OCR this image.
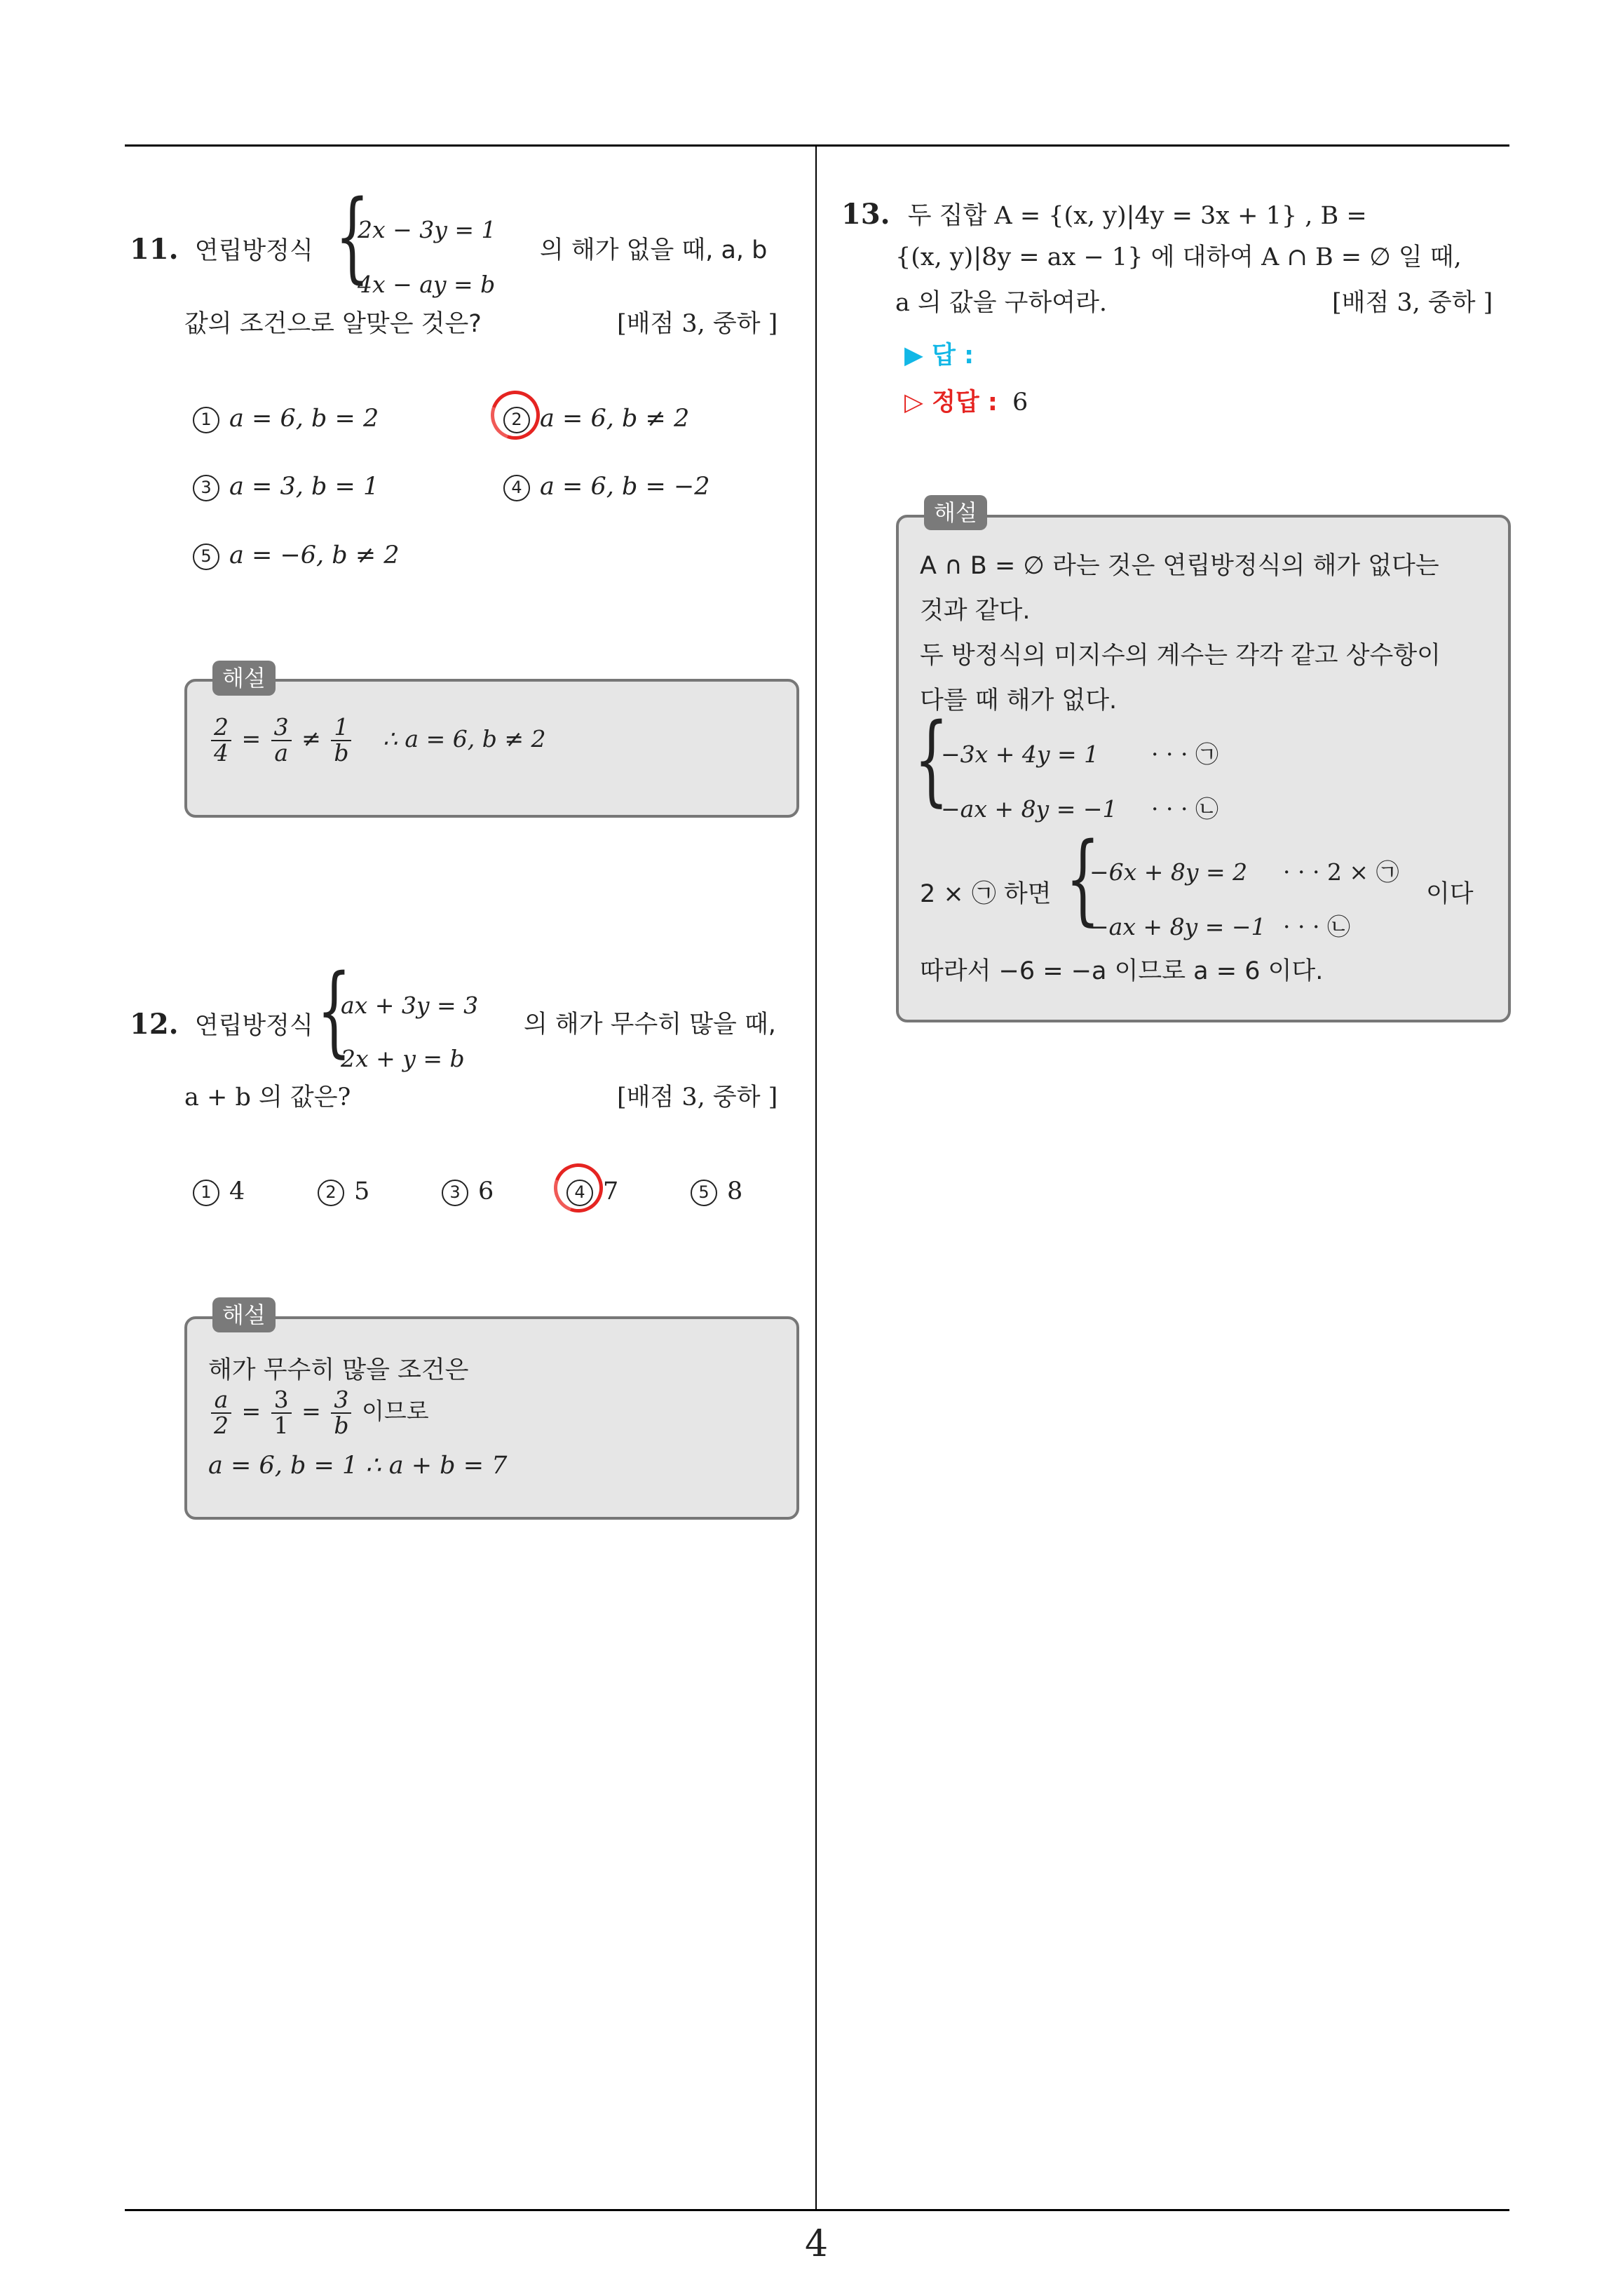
11. 연립방정식 {
2x − 3y = 1
4x − ay = b
의 해가 없을 때, a, b
값의 조건으로 알맞은 것은?	[배점 3, 중하 ]
1 a = 6, b = 2	2 a = 6, b ≠ 2
3 a = 3, b = 1	4 a = 6, b = −2
5 a = −6, b ≠ 2
$\frac{2}{4} = \frac{3}{a} \ne \frac{1}{b}$ ∴ a = 6, b ≠ 2
해설
12. 연립방정식 {
ax + 3y = 3
2x + y = b
의 해가 무수히 많을 때,
a + b 의 값은?	[배점 3, 중하 ]
1 4	2 5	3 6	4 7	5 8
해가 무수히 많을 조건은
$\frac{a}{2} = \frac{3}{1} = \frac{3}{b}$ 이므로
a = 6, b = 1 ∴ a + b = 7
해설
13. 두 집합 A = {(x, y)|4y = 3x + 1} , B =
{(x, y)|8y = ax − 1} 에 대하여 A ∩ B = ∅ 일 때,
a 의 값을 구하여라.	[배점 3, 중하 ]
▶ 답 :
▷ 정답 : 6
A ∩ B = ∅ 라는 것은 연립방정식의 해가 없다는
것과 같다.
두 방정식의 미지수의 계수는 각각 같고 상수항이
다를 때 해가 없다.
{
−3x + 4y = 1 · · · ㉠
−ax + 8y = −1 · · · ㉡
2 × ㉠ 하면 {
−6x + 8y = 2 · · · 2 × ㉠
−ax + 8y = −1 · · · ㉡
이다
따라서 −6 = −a 이므로 a = 6 이다.
해설
4
